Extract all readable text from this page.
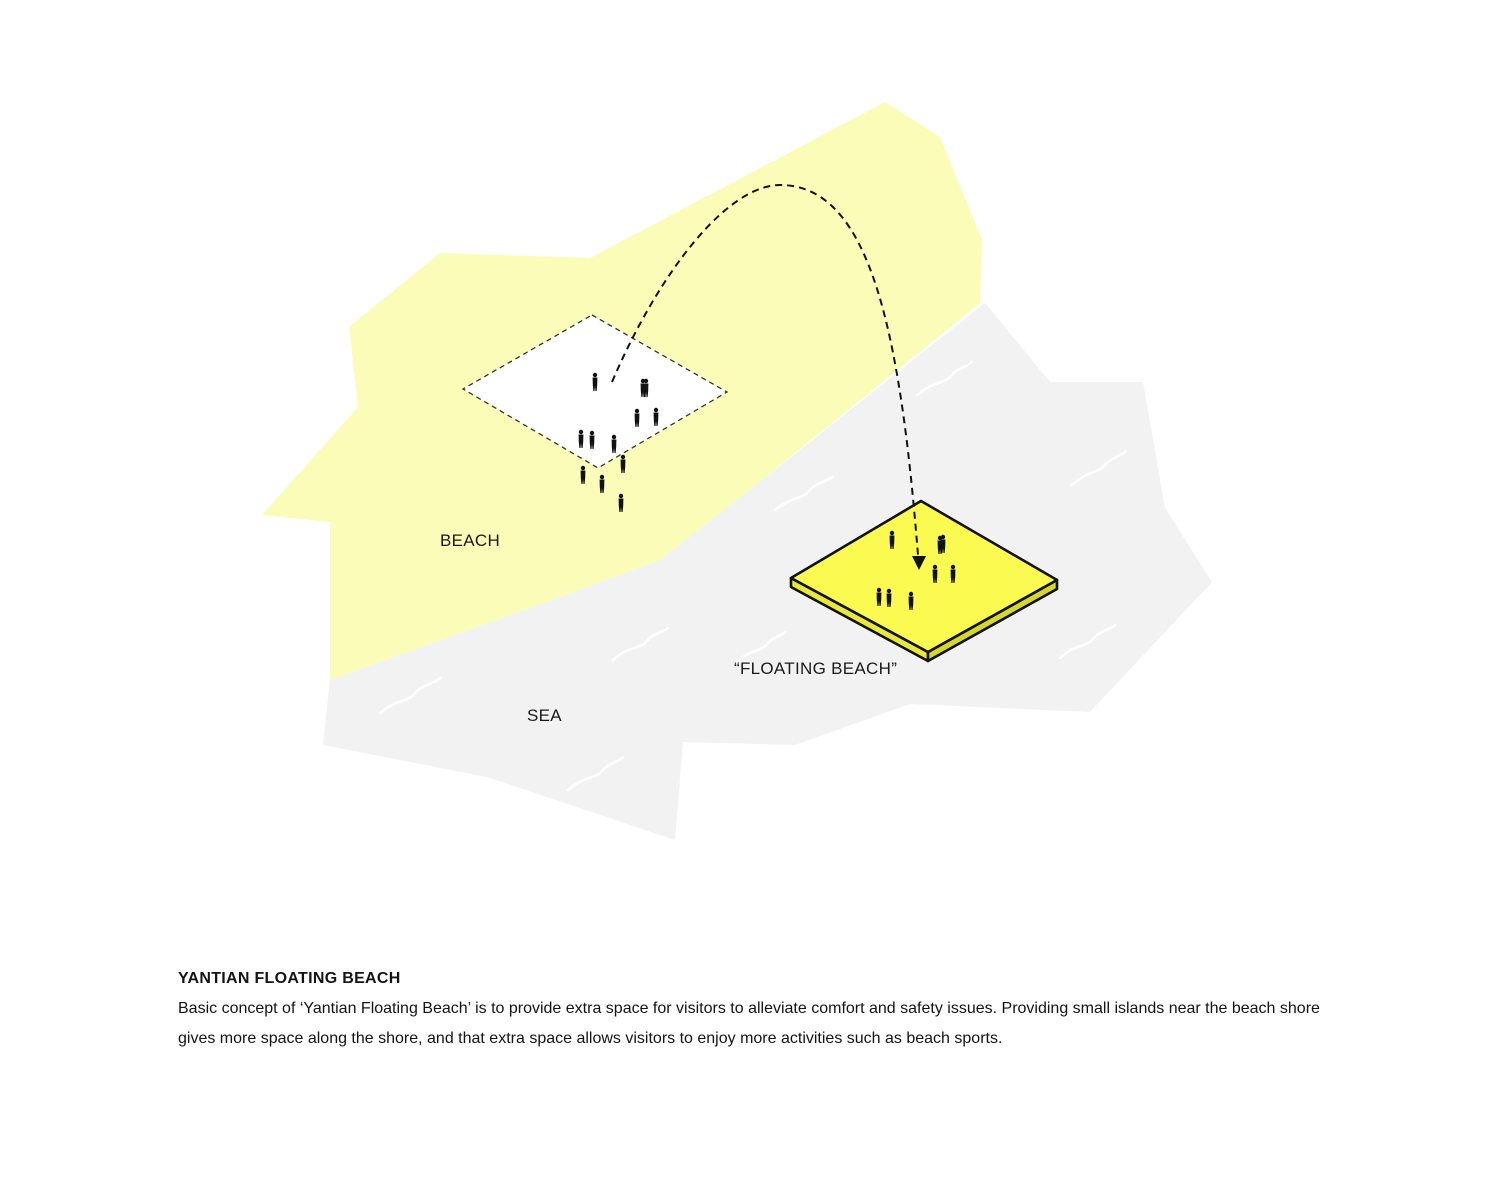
BEACH
SEA
“FLOATING BEACH”
YANTIAN FLOATING BEACH

Basic concept of ‘Yantian Floating Beach’ is to provide extra space for visitors to alleviate comfort and safety issues. Providing small islands near the beach shore gives more space along the shore, and that extra space allows visitors to enjoy more activities such as beach sports.
